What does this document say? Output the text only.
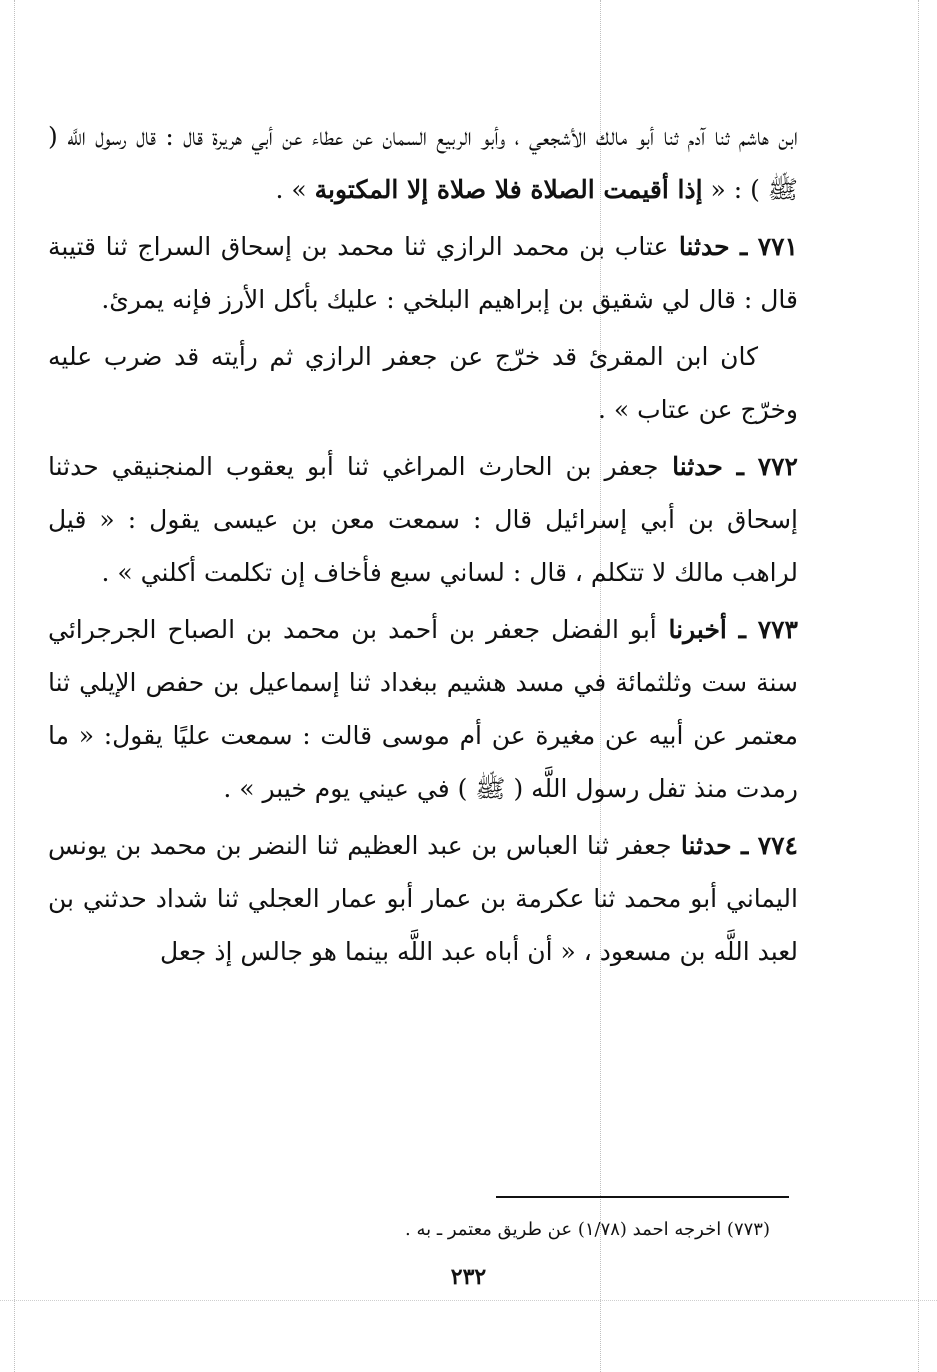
ابن هاشم ثنا آدم ثنا أبو مالك الأشجعي ، وأبو الربيع السمان عن عطاء عن أبي هريرة قال : قال رسول اللَّه ( ﷺ ) : « إذا أقيمت الصلاة فلا صلاة إلا المكتوبة » .

٧٧١ ـ حدثنا عتاب بن محمد الرازي ثنا محمد بن إسحاق السراج ثنا قتيبة قال : قال لي شقيق بن إبراهيم البلخي : عليك بأكل الأرز فإنه يمرئ.

كان ابن المقرئ قد خرّج عن جعفر الرازي ثم رأيته قد ضرب عليه وخرّج عن عتاب » .

٧٧٢ ـ حدثنا جعفر بن الحارث المراغي ثنا أبو يعقوب المنجنيقي حدثنا إسحاق بن أبي إسرائيل قال : سمعت معن بن عيسى يقول : « قيل لراهب مالك لا تتكلم ، قال : لساني سبع فأخاف إن تكلمت أكلني » .

٧٧٣ ـ أخبرنا أبو الفضل جعفر بن أحمد بن محمد بن الصباح الجرجرائي سنة ست وثلثمائة في مسد هشيم ببغداد ثنا إسماعيل بن حفص الإيلي ثنا معتمر عن أبيه عن مغيرة عن أم موسى قالت : سمعت عليًا يقول: « ما رمدت منذ تفل رسول اللَّه ( ﷺ ) في عيني يوم خيبر » .

٧٧٤ ـ حدثنا جعفر ثنا العباس بن عبد العظيم ثنا النضر بن محمد بن يونس اليماني أبو محمد ثنا عكرمة بن عمار أبو عمار العجلي ثنا شداد حدثني بن لعبد اللَّه بن مسعود ، « أن أباه عبد اللَّه بينما هو جالس إذ جعل

(٧٧٣) اخرجه احمد (١/٧٨) عن طريق معتمر ـ به .
٢٣٢
